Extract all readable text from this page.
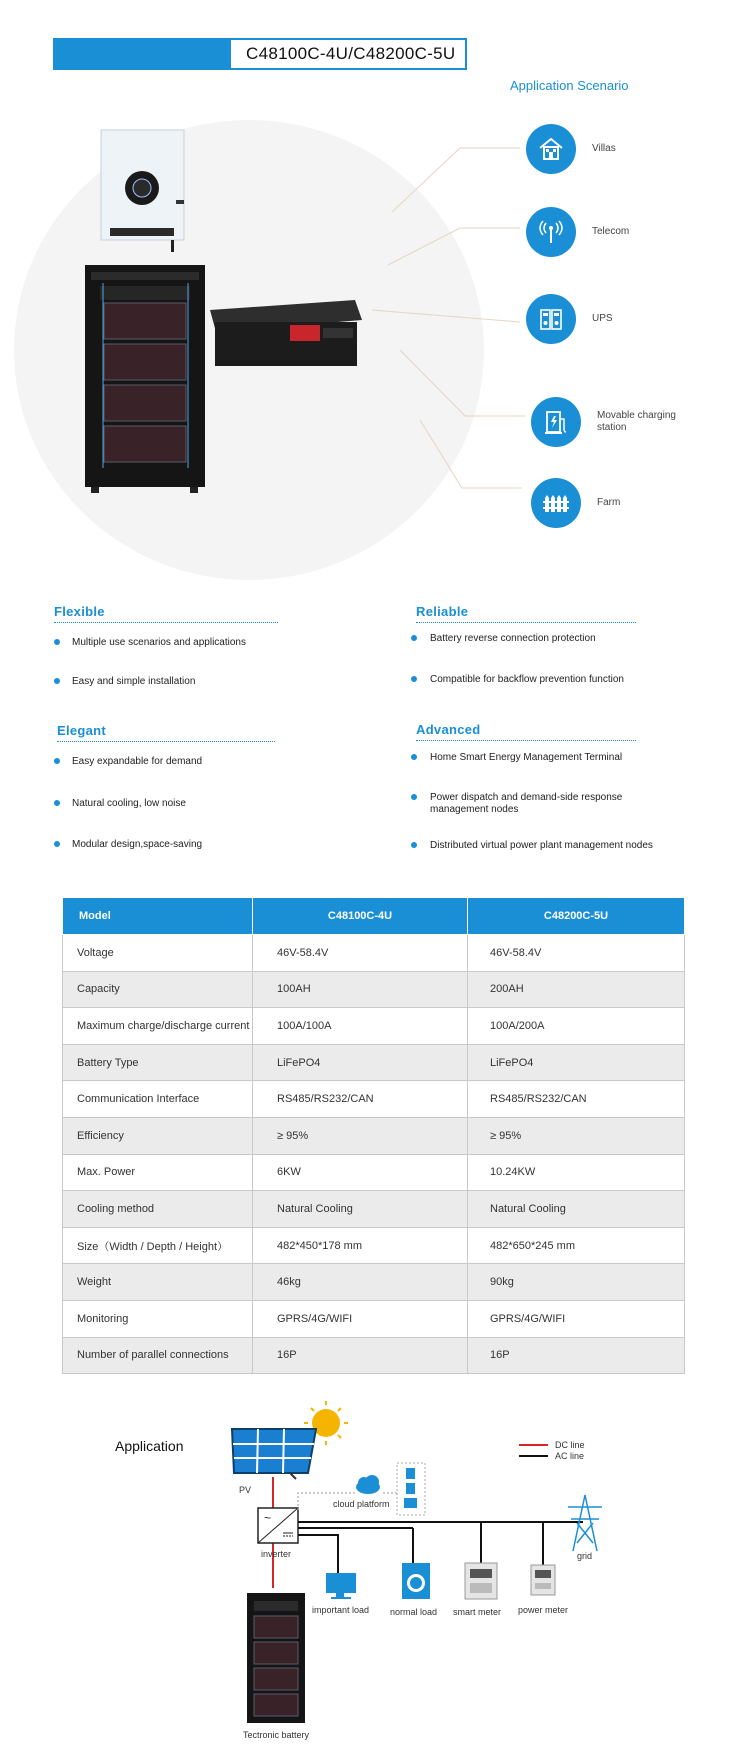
C48100C-4U/C48200C-5U
Application Scenario
Villas
Telecom
UPS
Movable charging station
Farm
Flexible
Multiple use scenarios and applications
Easy and simple installation
Reliable
Battery reverse connection protection
Compatible for backflow prevention function
Elegant
Easy expandable for demand
Natural cooling, low noise
Modular design,space-saving
Advanced
Home Smart Energy Management Terminal
Power dispatch and demand-side response management nodes
Distributed virtual power plant management nodes
Model	C48100C-4U	C48200C-5U
Voltage	46V-58.4V	46V-58.4V
Capacity	100AH	200AH
Maximum charge/discharge current	100A/100A	100A/200A
Battery Type	LiFePO4	LiFePO4
Communication Interface	RS485/RS232/CAN	RS485/RS232/CAN
Efficiency	≥ 95%	≥ 95%
Max. Power	6KW	10.24KW
Cooling method	Natural Cooling	Natural Cooling
Size（Width / Depth / Height）	482*450*178 mm	482*650*245 mm
Weight	46kg	90kg
Monitoring	GPRS/4G/WIFI	GPRS/4G/WIFI
Number of parallel connections	16P	16P
Application
PV
~
inverter
cloud platform
grid
DC line
AC line
important load normal load smart meter power meter
Tectronic battery
